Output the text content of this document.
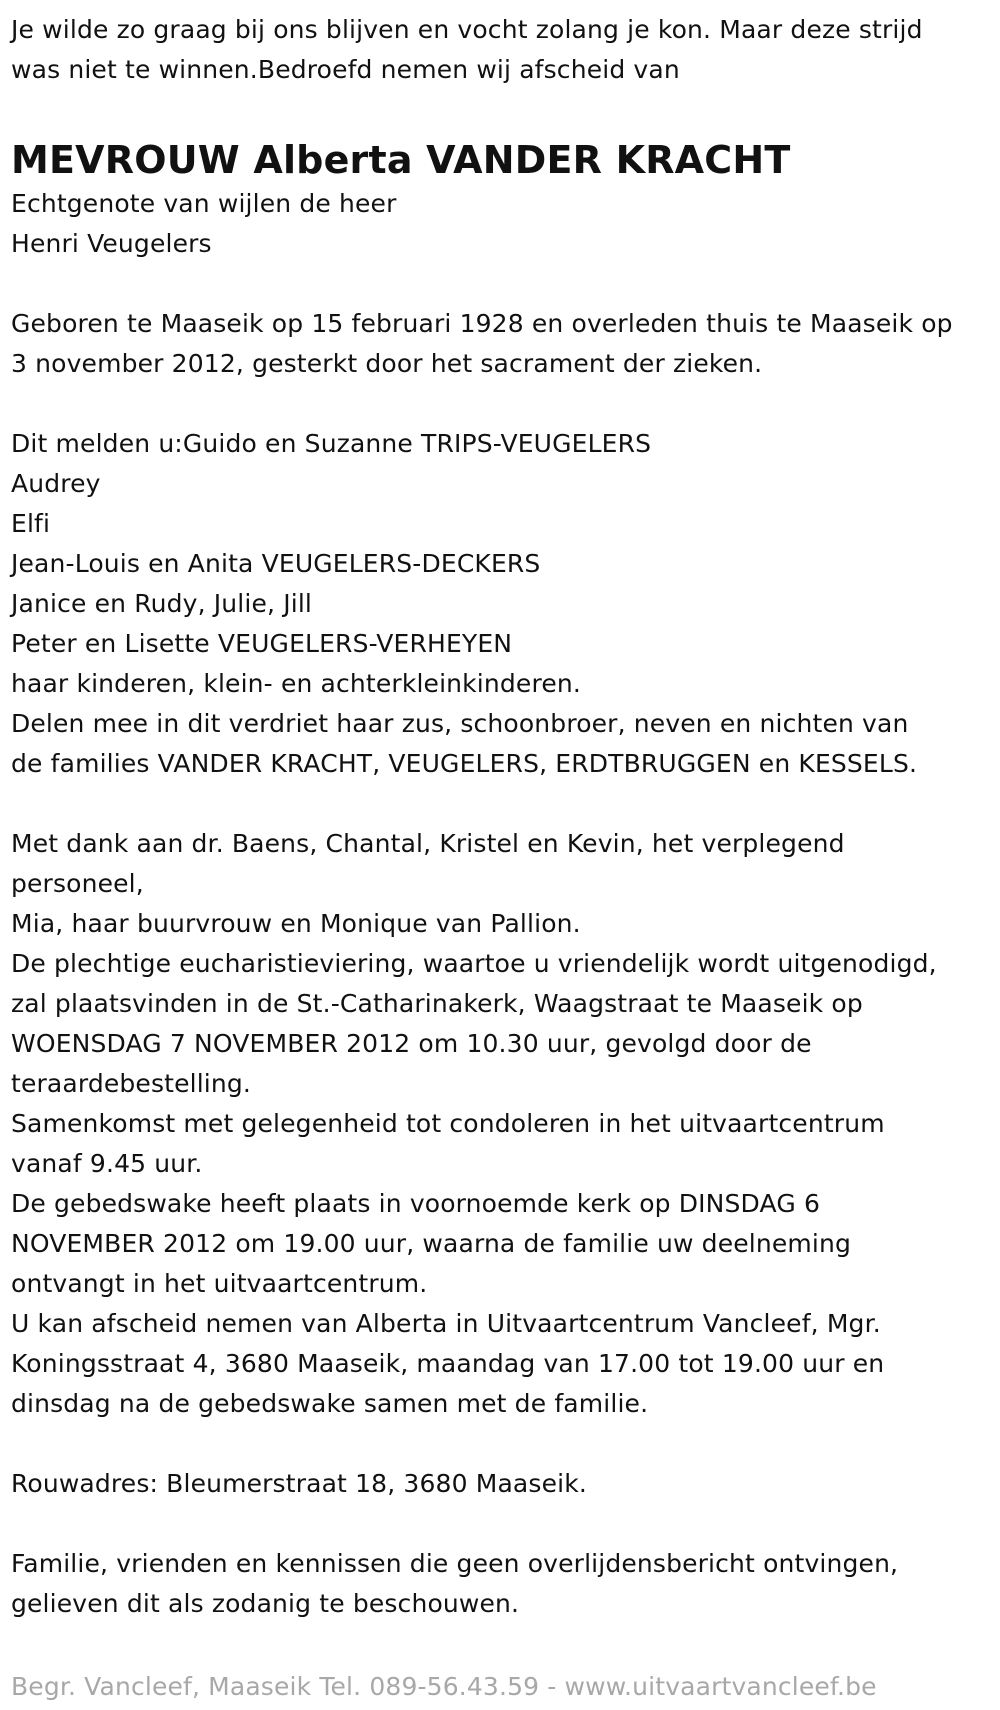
Je wilde zo graag bij ons blijven en vocht zolang je kon. Maar deze strijd
was niet te winnen.Bedroefd nemen wij afscheid van
MEVROUW Alberta VANDER KRACHT
Echtgenote van wijlen de heer
Henri Veugelers
Geboren te Maaseik op 15 februari 1928 en overleden thuis te Maaseik op
3 november 2012, gesterkt door het sacrament der zieken.
Dit melden u:Guido en Suzanne TRIPS-VEUGELERS
Audrey
Elfi
Jean-Louis en Anita VEUGELERS-DECKERS
Janice en Rudy, Julie, Jill
Peter en Lisette VEUGELERS-VERHEYEN
haar kinderen, klein- en achterkleinkinderen.
Delen mee in dit verdriet haar zus, schoonbroer, neven en nichten van
de families VANDER KRACHT, VEUGELERS, ERDTBRUGGEN en KESSELS.
Met dank aan dr. Baens, Chantal, Kristel en Kevin, het verplegend
personeel,
Mia, haar buurvrouw en Monique van Pallion.
De plechtige eucharistieviering, waartoe u vriendelijk wordt uitgenodigd,
zal plaatsvinden in de St.-Catharinakerk, Waagstraat te Maaseik op
WOENSDAG 7 NOVEMBER 2012 om 10.30 uur, gevolgd door de
teraardebestelling.
Samenkomst met gelegenheid tot condoleren in het uitvaartcentrum
vanaf 9.45 uur.
De gebedswake heeft plaats in voornoemde kerk op DINSDAG 6
NOVEMBER 2012 om 19.00 uur, waarna de familie uw deelneming
ontvangt in het uitvaartcentrum.
U kan afscheid nemen van Alberta in Uitvaartcentrum Vancleef, Mgr.
Koningsstraat 4, 3680 Maaseik, maandag van 17.00 tot 19.00 uur en
dinsdag na de gebedswake samen met de familie.
Rouwadres: Bleumerstraat 18, 3680 Maaseik.
Familie, vrienden en kennissen die geen overlijdensbericht ontvingen,
gelieven dit als zodanig te beschouwen.
Begr. Vancleef, Maaseik Tel. 089-56.43.59 - www.uitvaartvancleef.be
